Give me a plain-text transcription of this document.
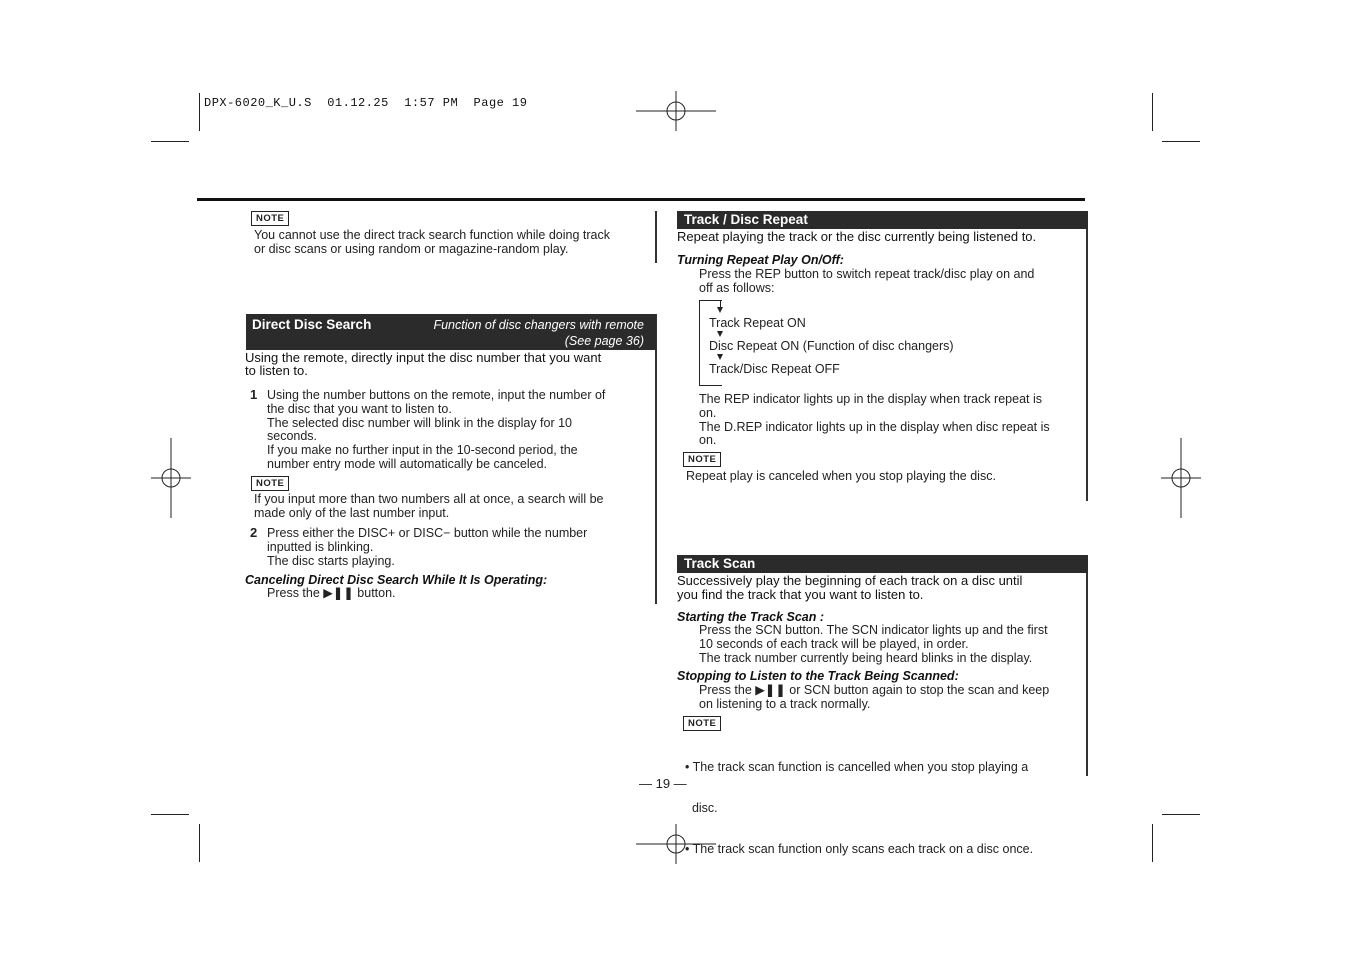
DPX-6020_K_U.S  01.12.25  1:57 PM  Page 19
NOTE
You cannot use the direct track search function while doing track
or disc scans or using random or magazine-random play.
Direct Disc Search	Function of disc changers with remote
(See page 36)
Using the remote, directly input the disc number that you want
to listen to.
1 Using the number buttons on the remote, input the number of
the disc that you want to listen to.
The selected disc number will blink in the display for 10
seconds.
If you make no further input in the 10-second period, the
number entry mode will automatically be canceled.
NOTE
If you input more than two numbers all at once, a search will be
made only of the last number input.
2 Press either the DISC+ or DISC− button while the number
inputted is blinking.
The disc starts playing.
Canceling Direct Disc Search While It Is Operating:
Press the ▶❚❚ button.
Track / Disc Repeat
Repeat playing the track or the disc currently being listened to.
Turning Repeat Play On/Off:
Press the REP button to switch repeat track/disc play on and
off as follows:
Track Repeat ON
Disc Repeat ON (Function of disc changers)
Track/Disc Repeat OFF
The REP indicator lights up in the display when track repeat is
on.
The D.REP indicator lights up in the display when disc repeat is
on.
NOTE
Repeat play is canceled when you stop playing the disc.
Track Scan
Successively play the beginning of each track on a disc until
you find the track that you want to listen to.
Starting the Track Scan :
Press the SCN button. The SCN indicator lights up and the first
10 seconds of each track will be played, in order.
The track number currently being heard blinks in the display.
Stopping to Listen to the Track Being Scanned:
Press the ▶❚❚ or SCN button again to stop the scan and keep
on listening to a track normally.
NOTE

• The track scan function is cancelled when you stop playing a

disc.

• The track scan function only scans each track on a disc once.

— 19 —
